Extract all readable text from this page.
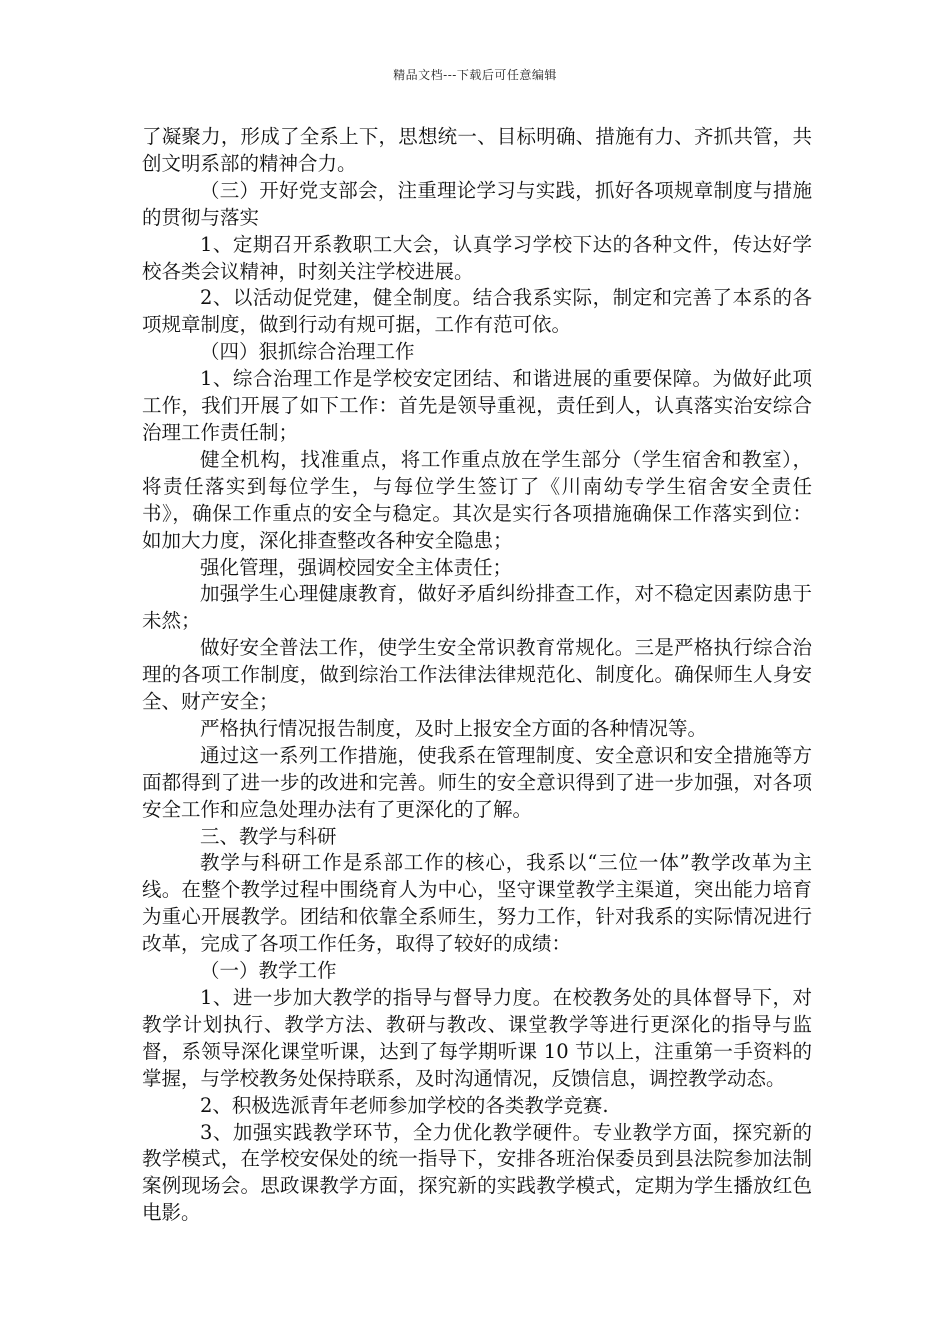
精品文档---下载后可任意编辑

了凝聚力，形成了全系上下，思想统一、目标明确、措施有力、齐抓共管，共创文明系部的精神合力。

（三）开好党支部会，注重理论学习与实践，抓好各项规章制度与措施的贯彻与落实

1、定期召开系教职工大会，认真学习学校下达的各种文件，传达好学校各类会议精神，时刻关注学校进展。

2、以活动促党建，健全制度。结合我系实际，制定和完善了本系的各项规章制度，做到行动有规可据，工作有范可依。

（四）狠抓综合治理工作

1、综合治理工作是学校安定团结、和谐进展的重要保障。为做好此项工作，我们开展了如下工作：首先是领导重视，责任到人，认真落实治安综合治理工作责任制；

健全机构，找准重点，将工作重点放在学生部分（学生宿舍和教室），将责任落实到每位学生，与每位学生签订了《川南幼专学生宿舍安全责任书》，确保工作重点的安全与稳定。其次是实行各项措施确保工作落实到位：如加大力度，深化排查整改各种安全隐患；

强化管理，强调校园安全主体责任；

加强学生心理健康教育，做好矛盾纠纷排查工作，对不稳定因素防患于未然；

做好安全普法工作，使学生安全常识教育常规化。三是严格执行综合治理的各项工作制度，做到综治工作法律法律规范化、制度化。确保师生人身安全、财产安全；

严格执行情况报告制度，及时上报安全方面的各种情况等。

通过这一系列工作措施，使我系在管理制度、安全意识和安全措施等方面都得到了进一步的改进和完善。师生的安全意识得到了进一步加强，对各项安全工作和应急处理办法有了更深化的了解。

三、教学与科研

教学与科研工作是系部工作的核心，我系以“三位一体”教学改革为主线。在整个教学过程中围绕育人为中心，坚守课堂教学主渠道，突出能力培育为重心开展教学。团结和依靠全系师生，努力工作，针对我系的实际情况进行改革，完成了各项工作任务，取得了较好的成绩：

（一）教学工作

1、进一步加大教学的指导与督导力度。在校教务处的具体督导下，对教学计划执行、教学方法、教研与教改、课堂教学等进行更深化的指导与监督，系领导深化课堂听课，达到了每学期听课 10 节以上，注重第一手资料的掌握，与学校教务处保持联系，及时沟通情况，反馈信息，调控教学动态。

2、积极选派青年老师参加学校的各类教学竞赛.

3、加强实践教学环节，全力优化教学硬件。专业教学方面，探究新的教学模式，在学校安保处的统一指导下，安排各班治保委员到县法院参加法制案例现场会。思政课教学方面，探究新的实践教学模式，定期为学生播放红色电影。
